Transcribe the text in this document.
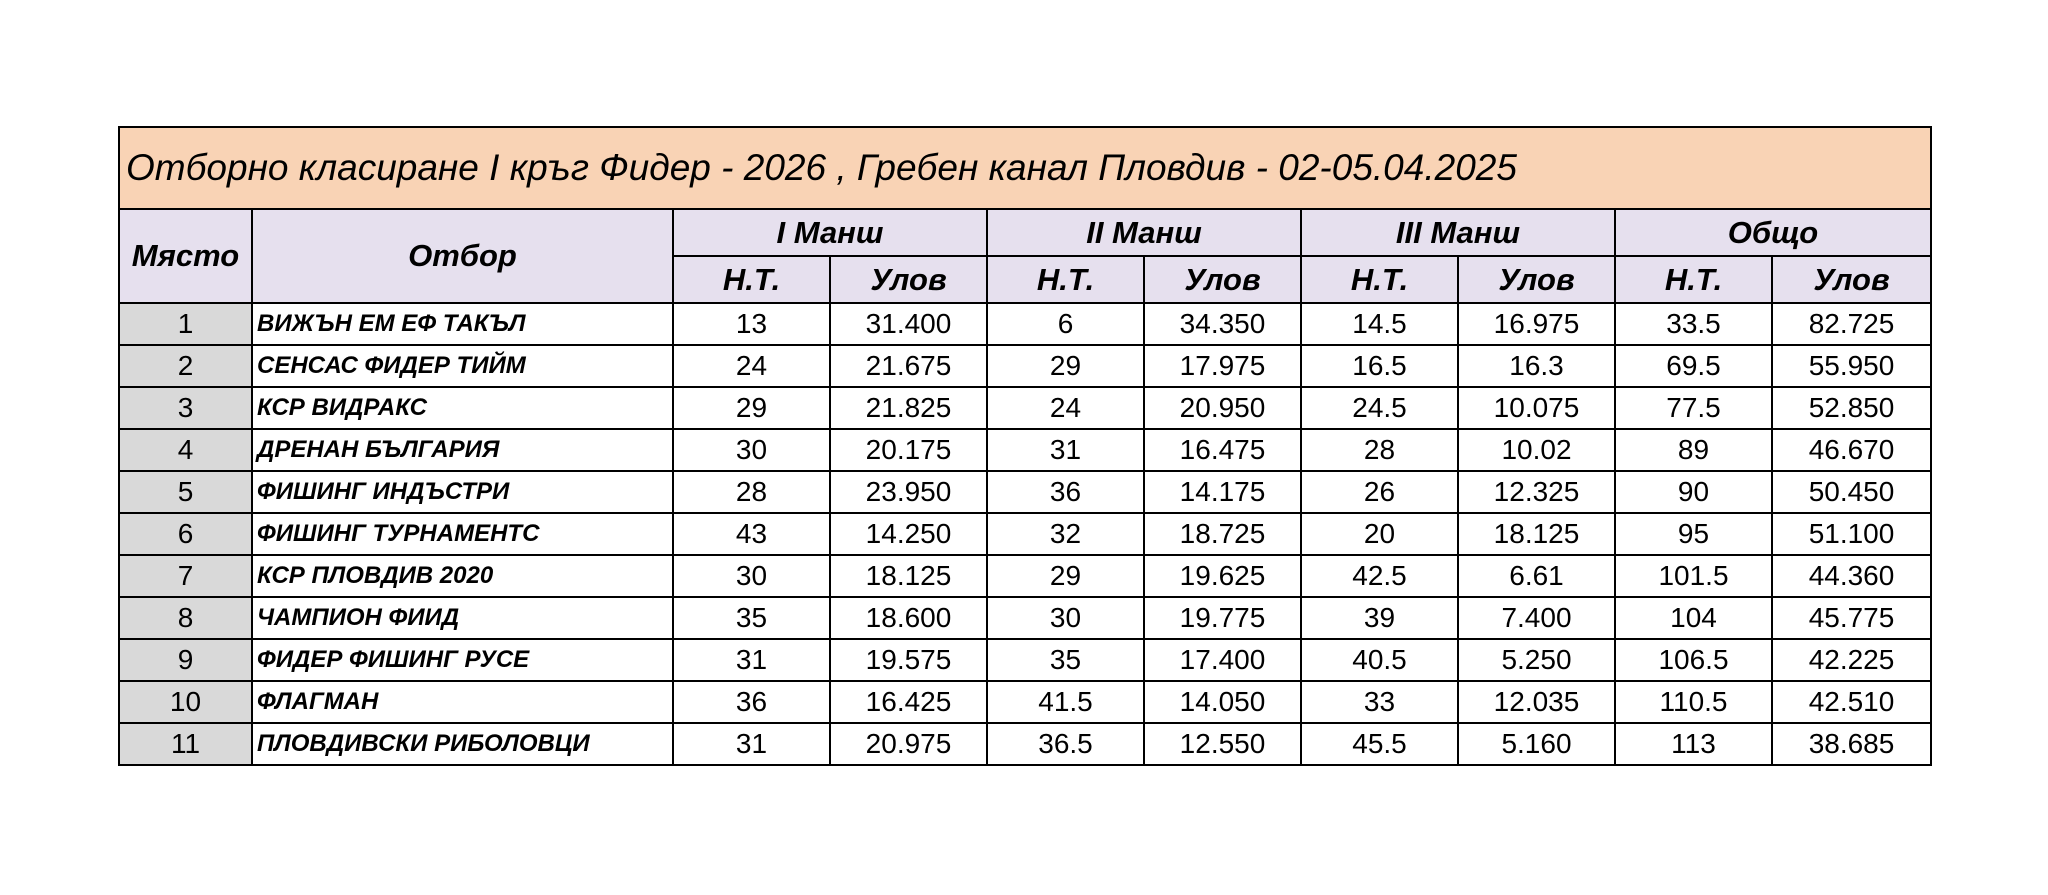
Отборно класиране I кръг Фидер - 2026 , Гребен канал Пловдив - 02-05.04.2025									
Място	Отбор	I Манш		II Манш		III Манш		Общо	
		Н.Т.	Улов	Н.Т.	Улов	Н.Т.	Улов	Н.Т.	Улов
1	ВИЖЪН ЕМ ЕФ ТАКЪЛ	13	31.400	6	34.350	14.5	16.975	33.5	82.725
2	СЕНСАС ФИДЕР ТИЙМ	24	21.675	29	17.975	16.5	16.3	69.5	55.950
3	КСР ВИДРАКС	29	21.825	24	20.950	24.5	10.075	77.5	52.850
4	ДРЕНАН БЪЛГАРИЯ	30	20.175	31	16.475	28	10.02	89	46.670
5	ФИШИНГ ИНДЪСТРИ	28	23.950	36	14.175	26	12.325	90	50.450
6	ФИШИНГ ТУРНАМЕНТС	43	14.250	32	18.725	20	18.125	95	51.100
7	КСР ПЛОВДИВ 2020	30	18.125	29	19.625	42.5	6.61	101.5	44.360
8	ЧАМПИОН ФИИД	35	18.600	30	19.775	39	7.400	104	45.775
9	ФИДЕР ФИШИНГ РУСЕ	31	19.575	35	17.400	40.5	5.250	106.5	42.225
10	ФЛАГМАН	36	16.425	41.5	14.050	33	12.035	110.5	42.510
11	ПЛОВДИВСКИ РИБОЛОВЦИ	31	20.975	36.5	12.550	45.5	5.160	113	38.685
